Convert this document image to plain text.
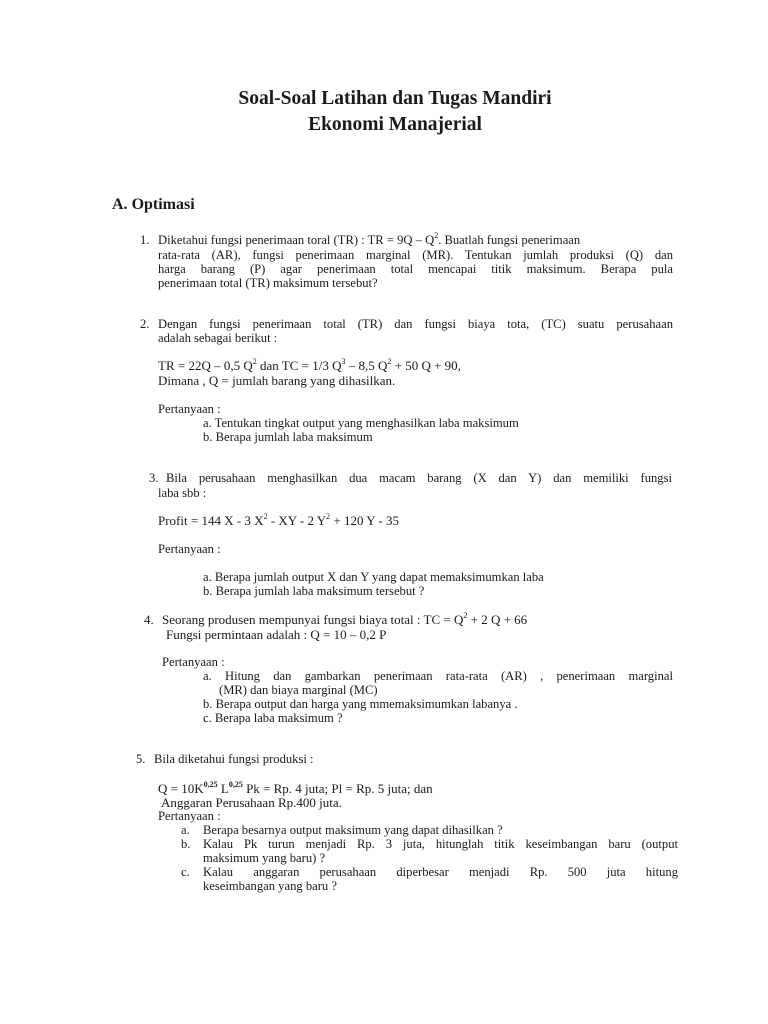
Soal-Soal Latihan dan Tugas Mandiri
Ekonomi Manajerial
A. Optimasi
1. Diketahui fungsi penerimaan toral (TR) : TR = $9Q - Q^2$. Buatlah fungsi penerimaan
rata-rata (AR), fungsi penerimaan marginal (MR). Tentukan jumlah produksi (Q) dan
harga barang (P) agar penerimaan total mencapai titik maksimum. Berapa pula
penerimaan total (TR) maksimum tersebut?
2. Dengan fungsi penerimaan total (TR) dan fungsi biaya tota, (TC) suatu perusahaan
adalah sebagai berikut :
TR = 22Q – 0,5 $Q^2$ dan TC = 1/3 $Q^3 - 8,5$ $Q^2 + 50$ Q + 90,
Dimana , Q = jumlah barang yang dihasilkan.
Pertanyaan :
a. Tentukan tingkat output yang menghasilkan laba maksimum
b. Berapa jumlah laba maksimum
3. Bila perusahaan menghasilkan dua macam barang (X dan Y) dan memiliki fungsi
laba sbb :
Profit = 144 X - 3 $X^2$ - XY - 2 $Y^2 + 120$ Y - 35
Pertanyaan :
a. Berapa jumlah output X dan Y yang dapat memaksimumkan laba
b. Berapa jumlah laba maksimum tersebut ?
4. Seorang produsen mempunyai fungsi biaya total : TC = $Q^2 + 2$ Q + 66
Fungsi permintaan adalah : Q = 10 – 0,2 P
Pertanyaan :
a. Hitung dan gambarkan penerimaan rata-rata (AR) , penerimaan marginal
(MR) dan biaya marginal (MC)
b. Berapa output dan harga yang mmemaksimumkan labanya .
c. Berapa laba maksimum ?
5. Bila diketahui fungsi produksi :
$Q = 10K^{0,25}$ L$^{0,25}$ Pk = Rp. 4 juta; Pl = Rp. 5 juta; dan
Anggaran Perusahaan Rp.400 juta.
Pertanyaan :
a. Berapa besarnya output maksimum yang dapat dihasilkan ?
b. Kalau Pk turun menjadi Rp. 3 juta, hitunglah titik keseimbangan baru (output
maksimum yang baru) ?
c. Kalau anggaran perusahaan diperbesar menjadi Rp. 500 juta hitung
keseimbangan yang baru ?
